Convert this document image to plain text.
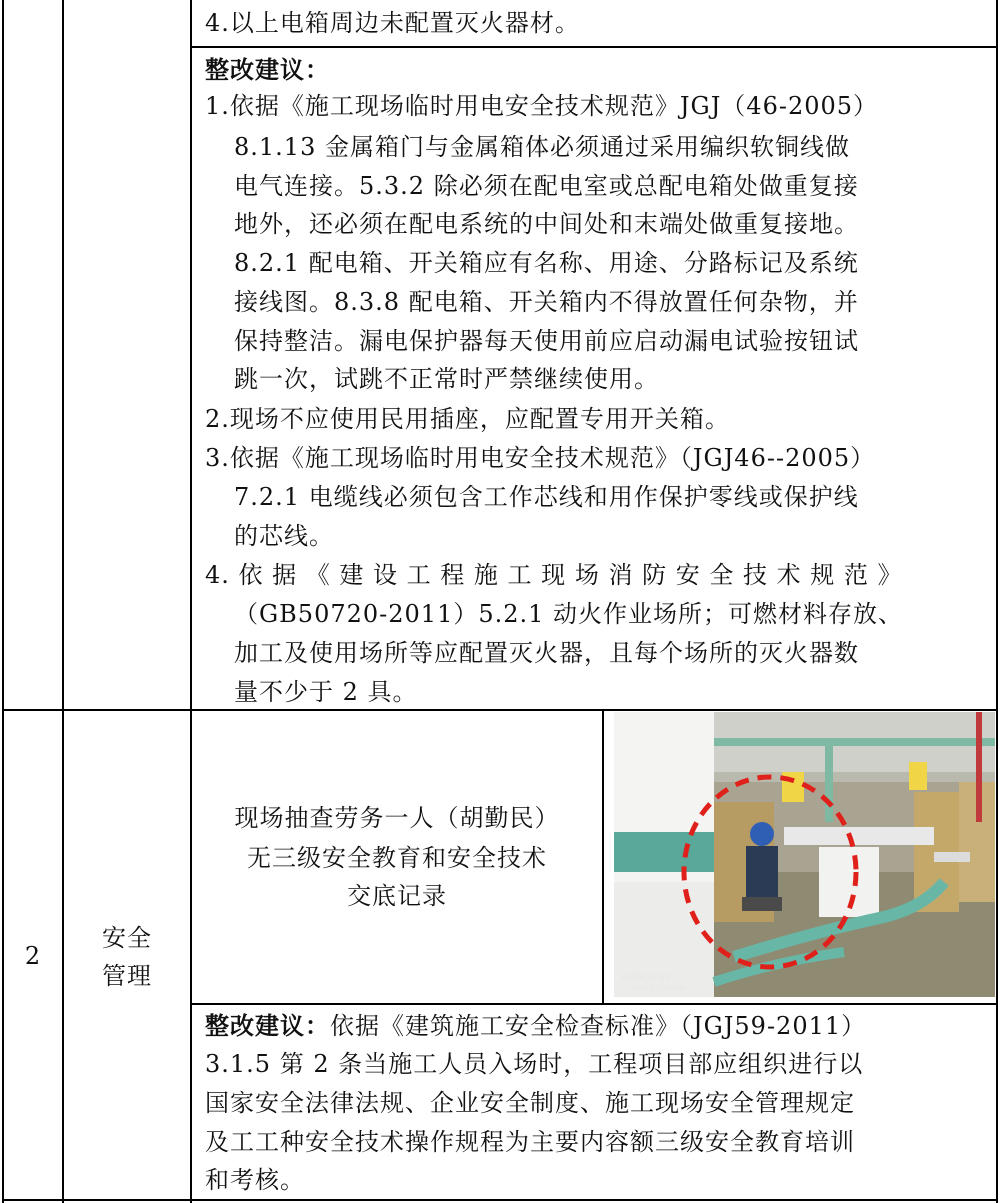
4.以上电箱周边未配置灭火器材。
整改建议：
1.依据《施工现场临时用电安全技术规范》JGJ（46-2005）
8.1.13 金属箱门与金属箱体必须通过采用编织软铜线做
电气连接。5.3.2 除必须在配电室或总配电箱处做重复接
地外，还必须在配电系统的中间处和末端处做重复接地。
8.2.1 配电箱、开关箱应有名称、用途、分路标记及系统
接线图。8.3.8 配电箱、开关箱内不得放置任何杂物，并
保持整洁。漏电保护器每天使用前应启动漏电试验按钮试
跳一次，试跳不正常时严禁继续使用。
2.现场不应使用民用插座，应配置专用开关箱。
3.依据《施工现场临时用电安全技术规范》（JGJ46--2005）
7.2.1 电缆线必须包含工作芯线和用作保护零线或保护线
的芯线。
4. 依 据 《 建 设 工 程 施 工 现 场 消 防 安 全 技 术 规 范 》
（GB50720-2011）5.2.1 动火作业场所；可燃材料存放、
加工及使用场所等应配置灭火器，且每个场所的灭火器数
量不少于 2 具。
2
安全
管理
现场抽查劳务一人（胡勤民）
无三级安全教育和安全技术
交底记录
HONOR 9X
AI TRIPLE CAMERA
整改建议：依据《建筑施工安全检查标准》（JGJ59-2011）
3.1.5 第 2 条当施工人员入场时，工程项目部应组织进行以
国家安全法律法规、企业安全制度、施工现场安全管理规定
及工工种安全技术操作规程为主要内容额三级安全教育培训
和考核。
